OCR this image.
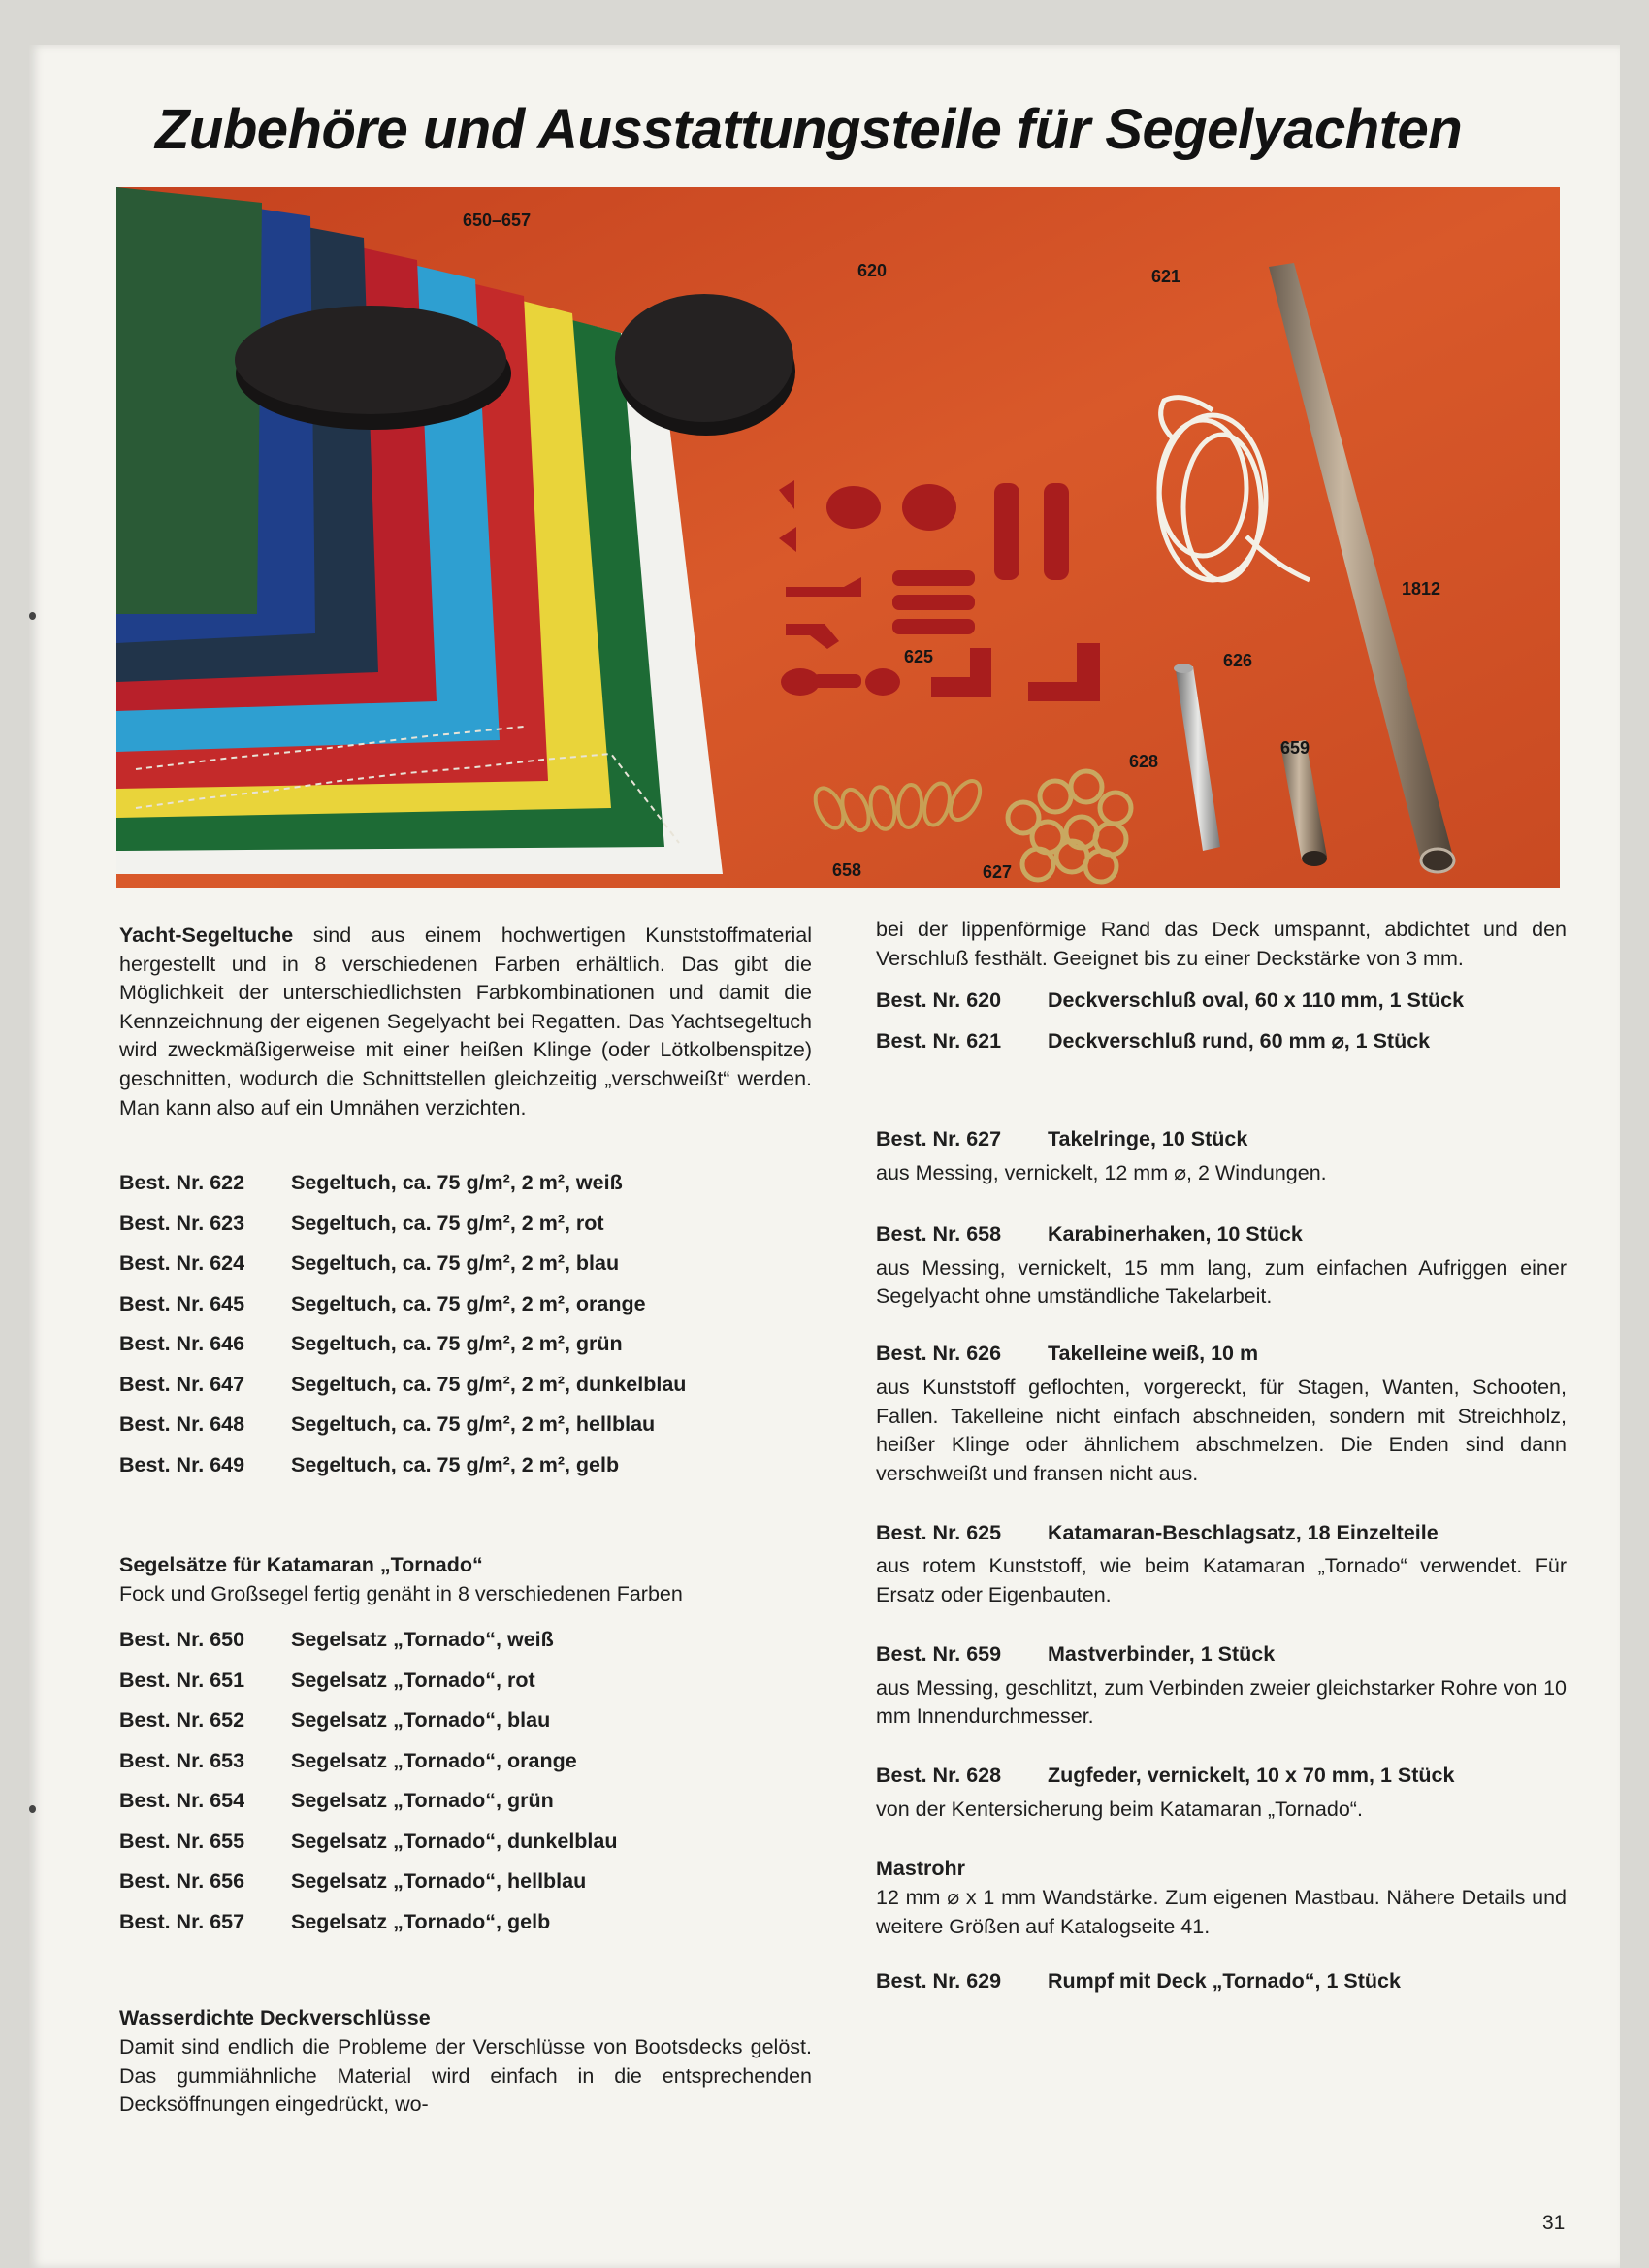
Zubehöre und Ausstattungsteile für Segelyachten
650–657
620	621
1812
625	626
628
659
658	627

Yacht-Segeltuche sind aus einem hochwertigen Kunststoffmaterial hergestellt und in 8 verschiedenen Farben erhältlich. Das gibt die Möglichkeit der unterschiedlichsten Farbkombinationen und damit die Kennzeichnung der eigenen Segelyacht bei Regatten. Das Yachtsegeltuch wird zweckmäßigerweise mit einer heißen Klinge (oder Lötkolbenspitze) geschnitten, wodurch die Schnittstellen gleichzeitig „verschweißt“ werden. Man kann also auf ein Umnähen verzichten.

Best. Nr. 622	Segeltuch, ca. 75 g/m², 2 m², weiß
Best. Nr. 623	Segeltuch, ca. 75 g/m², 2 m², rot
Best. Nr. 624	Segeltuch, ca. 75 g/m², 2 m², blau
Best. Nr. 645	Segeltuch, ca. 75 g/m², 2 m², orange
Best. Nr. 646	Segeltuch, ca. 75 g/m², 2 m², grün
Best. Nr. 647	Segeltuch, ca. 75 g/m², 2 m², dunkelblau
Best. Nr. 648	Segeltuch, ca. 75 g/m², 2 m², hellblau
Best. Nr. 649	Segeltuch, ca. 75 g/m², 2 m², gelb
Segelsätze für Katamaran „Tornado“
Fock und Großsegel fertig genäht in 8 verschiedenen Farben
Best. Nr. 650	Segelsatz „Tornado“, weiß
Best. Nr. 651	Segelsatz „Tornado“, rot
Best. Nr. 652	Segelsatz „Tornado“, blau
Best. Nr. 653	Segelsatz „Tornado“, orange
Best. Nr. 654	Segelsatz „Tornado“, grün
Best. Nr. 655	Segelsatz „Tornado“, dunkelblau
Best. Nr. 656	Segelsatz „Tornado“, hellblau
Best. Nr. 657	Segelsatz „Tornado“, gelb
Wasserdichte Deckverschlüsse

Damit sind endlich die Probleme der Verschlüsse von Bootsdecks gelöst. Das gummiähnliche Material wird einfach in die entsprechenden Decksöffnungen eingedrückt, wo-

bei der lippenförmige Rand das Deck umspannt, abdichtet und den Verschluß festhält. Geeignet bis zu einer Deckstärke von 3 mm.

Best. Nr. 620	Deckverschluß oval, 60 x 110 mm, 1 Stück
Best. Nr. 621	Deckverschluß rund, 60 mm ⌀, 1 Stück
Best. Nr. 627	Takelringe, 10 Stück

aus Messing, vernickelt, 12 mm ⌀, 2 Windungen.

Best. Nr. 658	Karabinerhaken, 10 Stück

aus Messing, vernickelt, 15 mm lang, zum einfachen Aufriggen einer Segelyacht ohne umständliche Takelarbeit.

Best. Nr. 626	Takelleine weiß, 10 m

aus Kunststoff geflochten, vorgereckt, für Stagen, Wanten, Schooten, Fallen. Takelleine nicht einfach abschneiden, sondern mit Streichholz, heißer Klinge oder ähnlichem abschmelzen. Die Enden sind dann verschweißt und fransen nicht aus.

Best. Nr. 625	Katamaran-Beschlagsatz, 18 Einzelteile

aus rotem Kunststoff, wie beim Katamaran „Tornado“ verwendet. Für Ersatz oder Eigenbauten.

Best. Nr. 659	Mastverbinder, 1 Stück

aus Messing, geschlitzt, zum Verbinden zweier gleichstarker Rohre von 10 mm Innendurchmesser.

Best. Nr. 628	Zugfeder, vernickelt, 10 x 70 mm, 1 Stück

von der Kentersicherung beim Katamaran „Tornado“.

Mastrohr

12 mm ⌀ x 1 mm Wandstärke. Zum eigenen Mastbau. Nähere Details und weitere Größen auf Katalogseite 41.

Best. Nr. 629	Rumpf mit Deck „Tornado“, 1 Stück
31
